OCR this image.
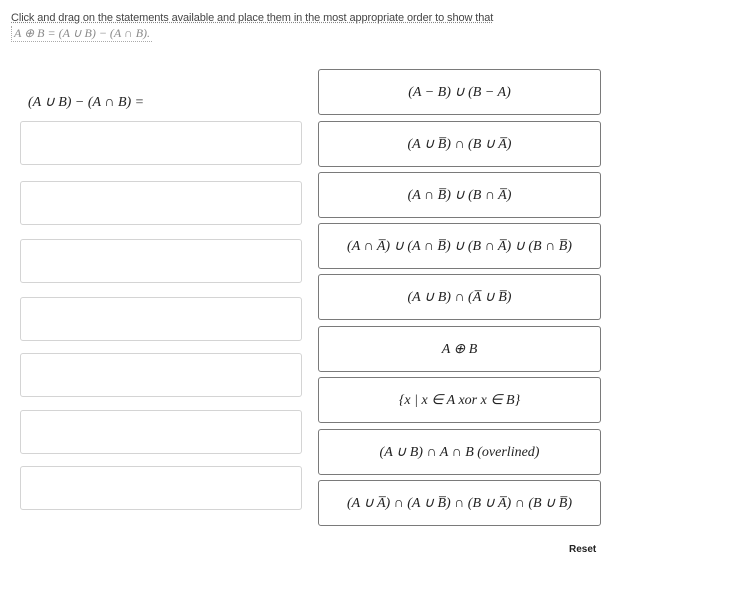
Click and drag on the statements available and place them in the most appropriate order to show that
A ⊕ B = (A ∪ B) − (A ∩ B).
(A ∪ B) − (A ∩ B) =
(A − B) ∪ (B − A)
(A ∪ B̅) ∩ (B ∪ A̅)
(A ∩ B̅) ∪ (B ∩ A̅)
(A ∩ A̅) ∪ (A ∩ B̅) ∪ (B ∩ A̅) ∪ (B ∩ B̅)
(A ∪ B) ∩ (A̅ ∪ B̅)
A ⊕ B
{x | x ∈ A xor x ∈ B}
(A ∪ B) ∩ A ∩ B (overlined)
(A ∪ A̅) ∩ (A ∪ B̅) ∩ (B ∪ A̅) ∩ (B ∪ B̅)
Reset
